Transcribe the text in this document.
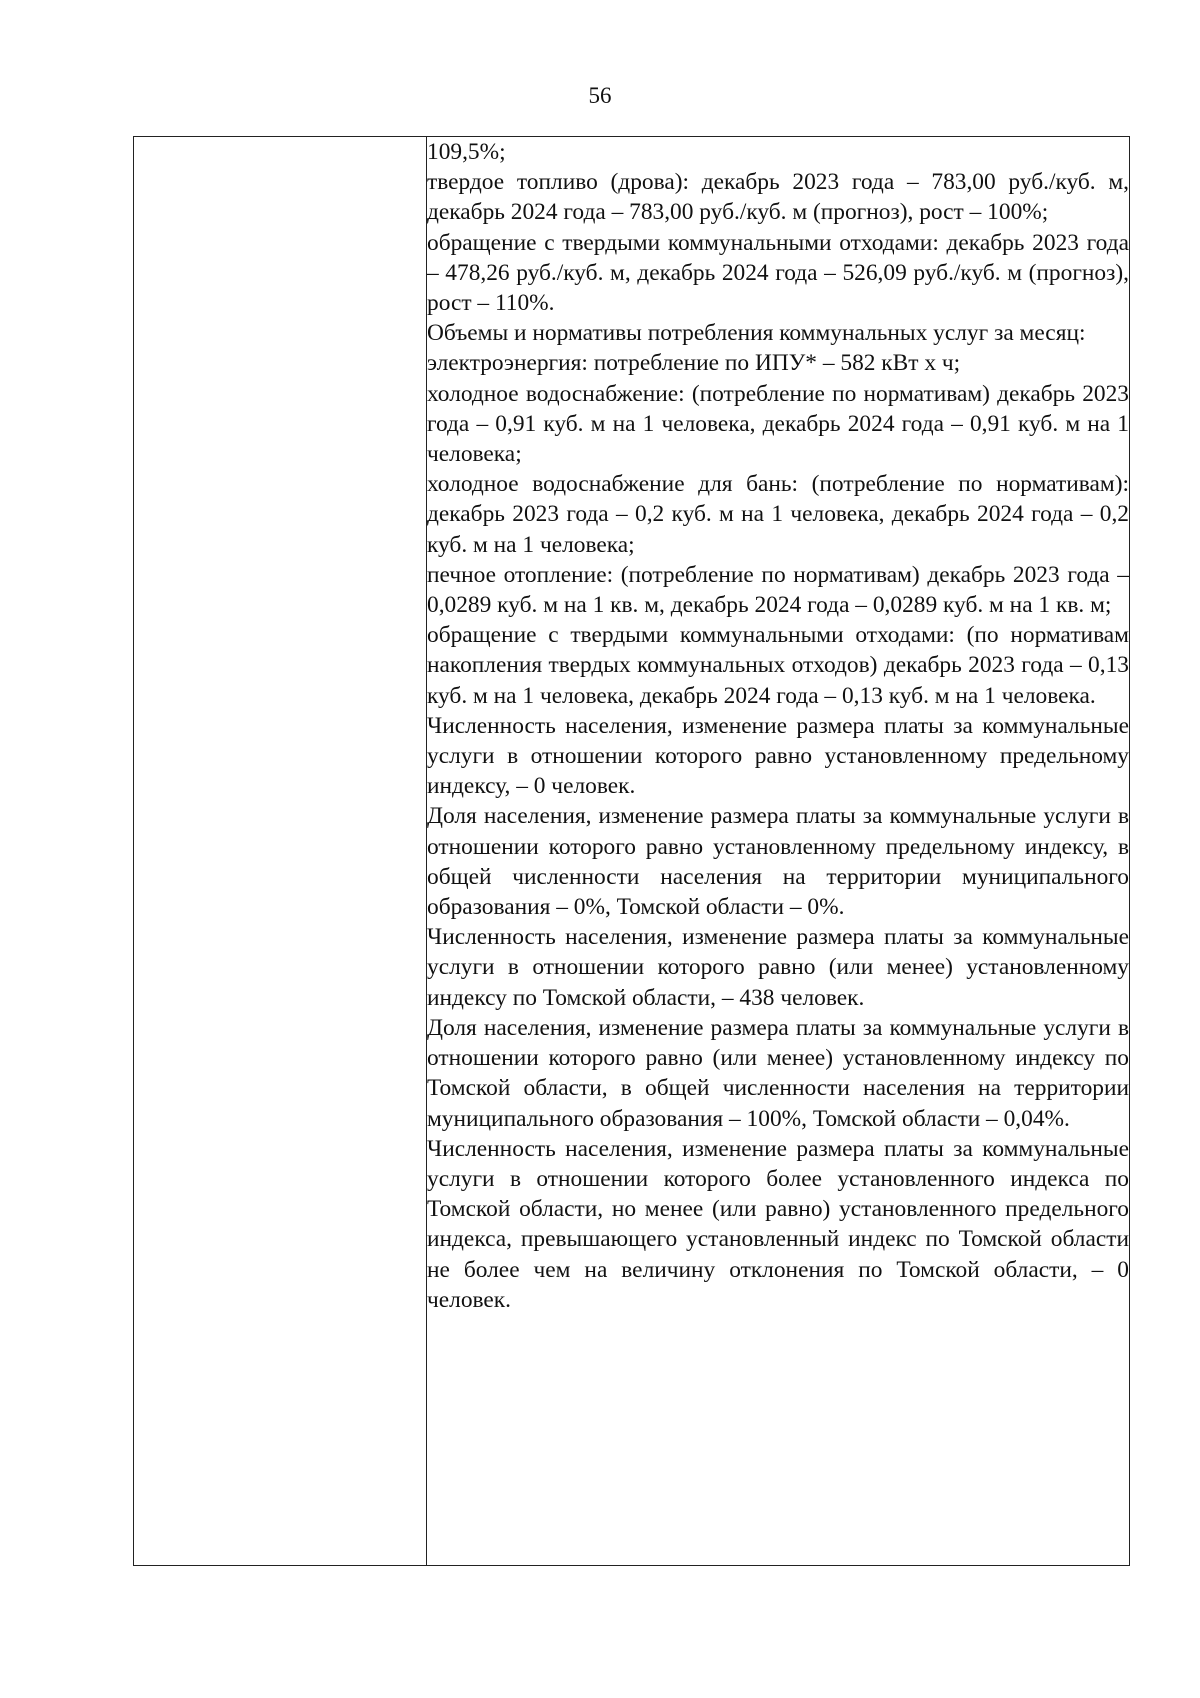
56

109,5%;

твердое топливо (дрова): декабрь 2023 года – 783,00 руб./куб. м, декабрь 2024 года – 783,00 руб./куб. м (прогноз), рост – 100%;

обращение с твердыми коммунальными отходами: декабрь 2023 года – 478,26 руб./куб. м, декабрь 2024 года – 526,09 руб./куб. м (прогноз), рост – 110%.

Объемы и нормативы потребления коммунальных услуг за месяц:

электроэнергия: потребление по ИПУ* – 582 кВт х ч;

холодное водоснабжение: (потребление по нормативам) декабрь 2023 года – 0,91 куб. м на 1 человека, декабрь 2024 года – 0,91 куб. м на 1 человека;

холодное водоснабжение для бань: (потребление по нормативам): декабрь 2023 года – 0,2 куб. м на 1 человека, декабрь 2024 года – 0,2 куб. м на 1 человека;

печное отопление: (потребление по нормативам) декабрь 2023 года – 0,0289 куб. м на 1 кв. м, декабрь 2024 года – 0,0289 куб. м на 1 кв. м;

обращение с твердыми коммунальными отходами: (по нормативам накопления твердых коммунальных отходов) декабрь 2023 года – 0,13 куб. м на 1 человека, декабрь 2024 года – 0,13 куб. м на 1 человека.

Численность населения, изменение размера платы за коммунальные услуги в отношении которого равно установленному предельному индексу, – 0 человек.

Доля населения, изменение размера платы за коммунальные услуги в отношении которого равно установленному предельному индексу, в общей численности населения на территории муниципального образования – 0%, Томской области – 0%.

Численность населения, изменение размера платы за коммунальные услуги в отношении которого равно (или менее) установленному индексу по Томской области, – 438 человек.

Доля населения, изменение размера платы за коммунальные услуги в отношении которого равно (или менее) установленному индексу по Томской области, в общей численности населения на территории муниципального образования – 100%, Томской области – 0,04%.

Численность населения, изменение размера платы за коммунальные услуги в отношении которого более установленного индекса по Томской области, но менее (или равно) установленного предельного индекса, превышающего установленный индекс по Томской области не более чем на величину отклонения по Томской области, – 0 человек.
